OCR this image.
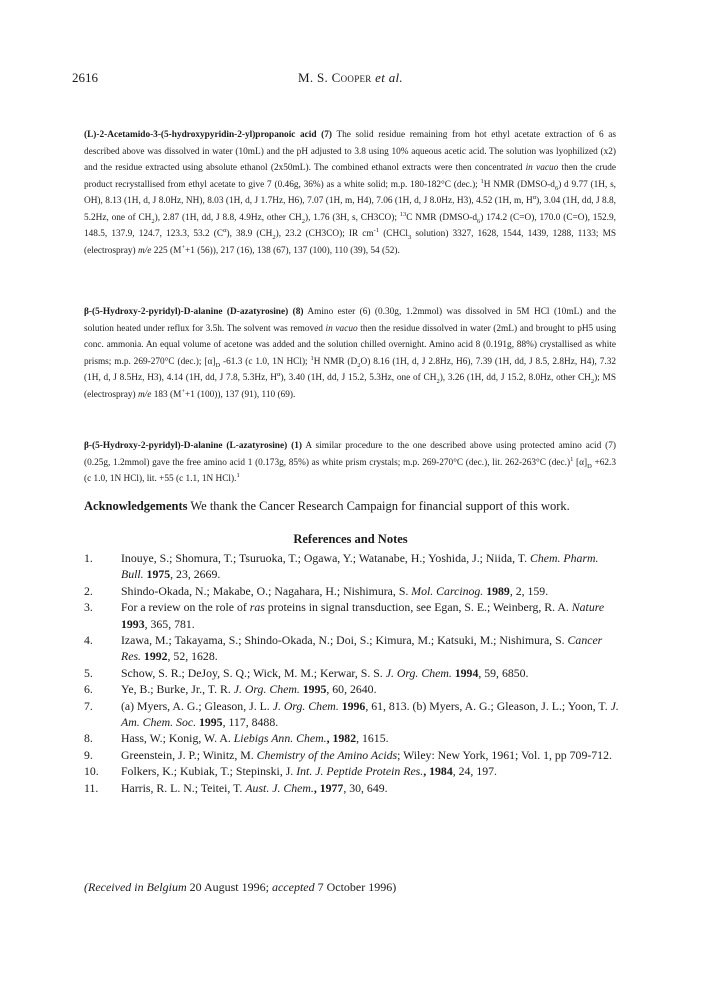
2616	M. S. Cooper et al.
(L)-2-Acetamido-3-(5-hydroxypyridin-2-yl)propanoic acid (7) The solid residue remaining from hot ethyl acetate extraction of 6 as described above was dissolved in water (10mL) and the pH adjusted to 3.8 using 10% aqueous acetic acid. The solution was lyophilized (x2) and the residue extracted using absolute ethanol (2x50mL). The combined ethanol extracts were then concentrated in vacuo then the crude product recrystallised from ethyl acetate to give 7 (0.46g, 36%) as a white solid; m.p. 180-182°C (dec.); $^1$H NMR $(DMSO-d_6)$ d 9.77 (1H, s, OH), 8.13 (1H, d, J 8.0Hz, NH), 8.03 (1H, d, J 1.7Hz, H6), 7.07 (1H, m, H4), 7.06 (1H, d, J 8.0Hz, H3), 4.52 (1H, m, $H^\alpha$), 3.04 (1H, dd, J 8.8, 5.2Hz, one of $CH_2$), 2.87 (1H, dd, J 8.8, 4.9Hz, other $CH_2$), 1.76 (3H, s, CH3CO); $^{13}$C NMR $(DMSO-d_6)$ 174.2 (C=O), 170.0 (C=O), 152.9, 148.5, 137.9, 124.7, 123.3, 53.2 $(C^\alpha)$, 38.9 $(CH_2)$, 23.2 (CH3CO); IR $cm^{-1}$ (CHCl$_3$ solution) 3327, 1628, 1544, 1439, 1288, 1133; MS (electrospray) m/e 225 (M++1 (56)), 217 (16), 138 (67), 137 (100), 110 (39), 54 (52).
β-(5-Hydroxy-2-pyridyl)-D-alanine (D-azatyrosine) (8) Amino ester (6) (0.30g, 1.2mmol) was dissolved in 5M HCl (10mL) and the solution heated under reflux for 3.5h. The solvent was removed in vacuo then the residue dissolved in water (2mL) and brought to pH5 using conc. ammonia. An equal volume of acetone was added and the solution chilled overnight. Amino acid 8 (0.191g, 88%) crystallised as white prisms; m.p. 269-270°C (dec.); $[\alpha]_D$ -61.3 (c 1.0, 1N HCl); $^1$H NMR $(D_2O)$ 8.16 (1H, d, J 2.8Hz, H6), 7.39 (1H, dd, J 8.5, 2.8Hz, H4), 7.32 (1H, d, J 8.5Hz, H3), 4.14 (1H, dd, J 7.8, 5.3Hz, $H^\alpha$), 3.40 (1H, dd, J 15.2, 5.3Hz, one of $CH_2$), 3.26 (1H, dd, J 15.2, 8.0Hz, other $CH_2$); MS (electrospray) m/e 183 (M++1 (100)), 137 (91), 110 (69).
β-(5-Hydroxy-2-pyridyl)-D-alanine (L-azatyrosine) (1) A similar procedure to the one described above using protected amino acid (7) (0.25g, 1.2mmol) gave the free amino acid 1 (0.173g, 85%) as white prism crystals; m.p. 269-270°C (dec.), lit. 262-263°C $(dec.)^1$ $[\alpha]_D +62.3$ (c 1.0, 1N HCl), lit. +55 (c 1.1, 1N HCl).$^1$
Acknowledgements We thank the Cancer Research Campaign for financial support of this work.
References and Notes
1.	Inouye, S.; Shomura, T.; Tsuruoka, T.; Ogawa, Y.; Watanabe, H.; Yoshida, J.; Niida, T. Chem. Pharm. Bull. 1975, 23, 2669.
2.	Shindo-Okada, N.; Makabe, O.; Nagahara, H.; Nishimura, S. Mol. Carcinog. 1989, 2, 159.
3.	For a review on the role of ras proteins in signal transduction, see Egan, S. E.; Weinberg, R. A. Nature 1993, 365, 781.
4.	Izawa, M.; Takayama, S.; Shindo-Okada, N.; Doi, S.; Kimura, M.; Katsuki, M.; Nishimura, S. Cancer Res. 1992, 52, 1628.
5.	Schow, S. R.; DeJoy, S. Q.; Wick, M. M.; Kerwar, S. S. J. Org. Chem. 1994, 59, 6850.
6.	Ye, B.; Burke, Jr., T. R. J. Org. Chem. 1995, 60, 2640.
7.	(a) Myers, A. G.; Gleason, J. L. J. Org. Chem. 1996, 61, 813. (b) Myers, A. G.; Gleason, J. L.; Yoon, T. J. Am. Chem. Soc. 1995, 117, 8488.
8.	Hass, W.; Konig, W. A. Liebigs Ann. Chem., 1982, 1615.
9.	Greenstein, J. P.; Winitz, M. Chemistry of the Amino Acids; Wiley: New York, 1961; Vol. 1, pp 709-712.
10.	Folkers, K.; Kubiak, T.; Stepinski, J. Int. J. Peptide Protein Res., 1984, 24, 197.
11.	Harris, R. L. N.; Teitei, T. Aust. J. Chem., 1977, 30, 649.
(Received in Belgium 20 August 1996; accepted 7 October 1996)
